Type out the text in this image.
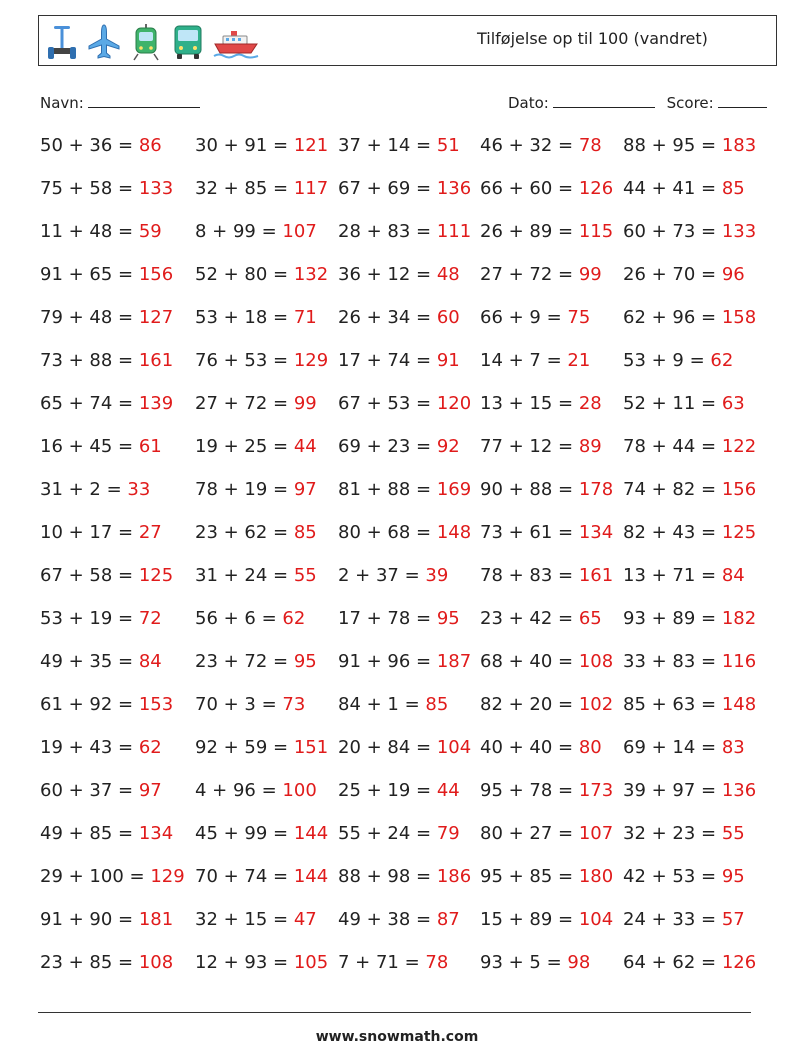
Tilføjelse op til 100 (vandret)
Navn:	Dato:	Score:
50 + 36 = 86 30 + 91 = 121 37 + 14 = 51 46 + 32 = 78 88 + 95 = 183
75 + 58 = 133 32 + 85 = 117 67 + 69 = 136 66 + 60 = 126 44 + 41 = 85
11 + 48 = 59 8 + 99 = 107 28 + 83 = 111 26 + 89 = 115 60 + 73 = 133
91 + 65 = 156 52 + 80 = 132 36 + 12 = 48 27 + 72 = 99 26 + 70 = 96
79 + 48 = 127 53 + 18 = 71 26 + 34 = 60 66 + 9 = 75 62 + 96 = 158
73 + 88 = 161 76 + 53 = 129 17 + 74 = 91 14 + 7 = 21 53 + 9 = 62
65 + 74 = 139 27 + 72 = 99 67 + 53 = 120 13 + 15 = 28 52 + 11 = 63
16 + 45 = 61 19 + 25 = 44 69 + 23 = 92 77 + 12 = 89 78 + 44 = 122
31 + 2 = 33 78 + 19 = 97 81 + 88 = 169 90 + 88 = 178 74 + 82 = 156
10 + 17 = 27 23 + 62 = 85 80 + 68 = 148 73 + 61 = 134 82 + 43 = 125
67 + 58 = 125 31 + 24 = 55 2 + 37 = 39 78 + 83 = 161 13 + 71 = 84
53 + 19 = 72 56 + 6 = 62 17 + 78 = 95 23 + 42 = 65 93 + 89 = 182
49 + 35 = 84 23 + 72 = 95 91 + 96 = 187 68 + 40 = 108 33 + 83 = 116
61 + 92 = 153 70 + 3 = 73 84 + 1 = 85 82 + 20 = 102 85 + 63 = 148
19 + 43 = 62 92 + 59 = 151 20 + 84 = 104 40 + 40 = 80 69 + 14 = 83
60 + 37 = 97 4 + 96 = 100 25 + 19 = 44 95 + 78 = 173 39 + 97 = 136
49 + 85 = 134 45 + 99 = 144 55 + 24 = 79 80 + 27 = 107 32 + 23 = 55
29 + 100 = 129 70 + 74 = 144 88 + 98 = 186 95 + 85 = 180 42 + 53 = 95
91 + 90 = 181 32 + 15 = 47 49 + 38 = 87 15 + 89 = 104 24 + 33 = 57
23 + 85 = 108 12 + 93 = 105 7 + 71 = 78 93 + 5 = 98 64 + 62 = 126
www.snowmath.com
